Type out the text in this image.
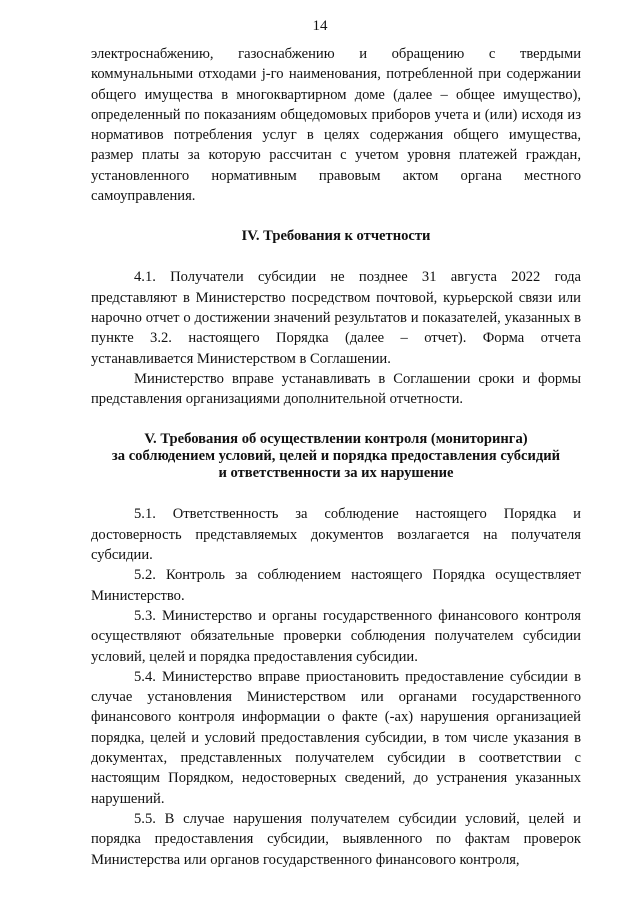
14

электроснабжению, газоснабжению и обращению с твердыми коммунальными отходами j-го наименования, потребленной при содержании общего имущества в многоквартирном доме (далее – общее имущество), определенный по показаниям общедомовых приборов учета и (или) исходя из нормативов потребления услуг в целях содержания общего имущества, размер платы за которую рассчитан с учетом уровня платежей граждан, установленного нормативным правовым актом органа местного самоуправления.

IV. Требования к отчетности

4.1. Получатели субсидии не позднее 31 августа 2022 года представляют в Министерство посредством почтовой, курьерской связи или нарочно отчет о достижении значений результатов и показателей, указанных в пункте 3.2. настоящего Порядка (далее – отчет). Форма отчета устанавливается Министерством в Соглашении.

Министерство вправе устанавливать в Соглашении сроки и формы представления организациями дополнительной отчетности.

V. Требования об осуществлении контроля (мониторинга)
за соблюдением условий, целей и порядка предоставления субсидий
и ответственности за их нарушение

5.1. Ответственность за соблюдение настоящего Порядка и достоверность представляемых документов возлагается на получателя субсидии.

5.2. Контроль за соблюдением настоящего Порядка осуществляет Министерство.

5.3. Министерство и органы государственного финансового контроля осуществляют обязательные проверки соблюдения получателем субсидии условий, целей и порядка предоставления субсидии.

5.4. Министерство вправе приостановить предоставление субсидии в случае установления Министерством или органами государственного финансового контроля информации о факте (-ах) нарушения организацией порядка, целей и условий предоставления субсидии, в том числе указания в документах, представленных получателем субсидии в соответствии с настоящим Порядком, недостоверных сведений, до устранения указанных нарушений.

5.5. В случае нарушения получателем субсидии условий, целей и порядка предоставления субсидии, выявленного по фактам проверок Министерства или органов государственного финансового контроля,
